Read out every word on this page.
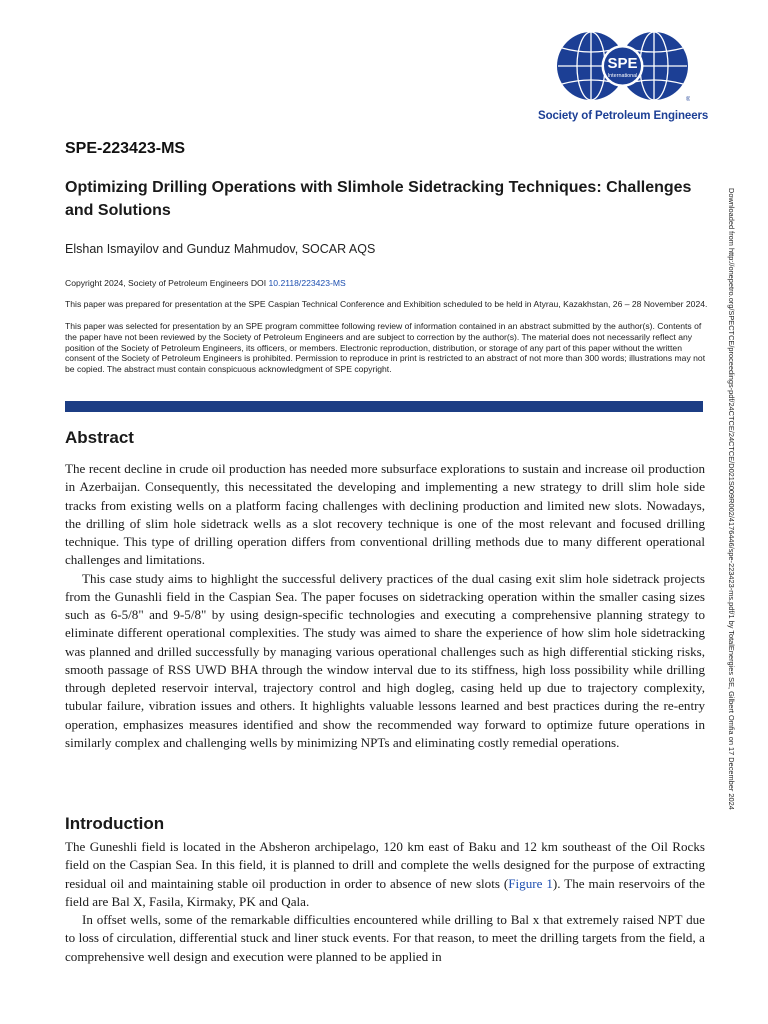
SPE
International
®
Society of Petroleum Engineers
SPE-223423-MS
Optimizing Drilling Operations with Slimhole Sidetracking Techniques: Challenges and Solutions
Elshan Ismayilov and Gunduz Mahmudov, SOCAR AQS
Copyright 2024, Society of Petroleum Engineers DOI 10.2118/223423-MS
This paper was prepared for presentation at the SPE Caspian Technical Conference and Exhibition scheduled to be held in Atyrau, Kazakhstan, 26 – 28 November 2024.
This paper was selected for presentation by an SPE program committee following review of information contained in an abstract submitted by the author(s). Contents of the paper have not been reviewed by the Society of Petroleum Engineers and are subject to correction by the author(s). The material does not necessarily reflect any position of the Society of Petroleum Engineers, its officers, or members. Electronic reproduction, distribution, or storage of any part of this paper without the written consent of the Society of Petroleum Engineers is prohibited. Permission to reproduce in print is restricted to an abstract of not more than 300 words; illustrations may not be copied. The abstract must contain conspicuous acknowledgment of SPE copyright.
Abstract

The recent decline in crude oil production has needed more subsurface explorations to sustain and increase oil production in Azerbaijan. Consequently, this necessitated the developing and implementing a new strategy to drill slim hole side tracks from existing wells on a platform facing challenges with declining production and limited new slots. Nowadays, the drilling of slim hole sidetrack wells as a slot recovery technique is one of the most relevant and focused drilling technique. This type of drilling operation differs from conventional drilling methods due to many different operational challenges and limitations.

This case study aims to highlight the successful delivery practices of the dual casing exit slim hole sidetrack projects from the Gunashli field in the Caspian Sea. The paper focuses on sidetracking operation within the smaller casing sizes such as 6-5/8" and 9-5/8" by using design-specific technologies and executing a comprehensive planning strategy to eliminate different operational complexities. The study was aimed to share the experience of how slim hole sidetracking was planned and drilled successfully by managing various operational challenges such as high differential sticking risks, smooth passage of RSS UWD BHA through the window interval due to its stiffness, high loss possibility while drilling through depleted reservoir interval, trajectory control and high dogleg, casing held up due to trajectory complexity, tubular failure, vibration issues and others. It highlights valuable lessons learned and best practices during the re-entry operation, emphasizes measures identified and show the recommended way forward to optimize future operations in similarly complex and challenging wells by minimizing NPTs and eliminating costly remedial operations.

Introduction

The Guneshli field is located in the Absheron archipelago, 120 km east of Baku and 12 km southeast of the Oil Rocks field on the Caspian Sea. In this field, it is planned to drill and complete the wells designed for the purpose of extracting residual oil and maintaining stable oil production in order to absence of new slots (Figure 1). The main reservoirs of the field are Bal X, Fasila, Kirmaky, PK and Qala.

In offset wells, some of the remarkable difficulties encountered while drilling to Bal x that extremely raised NPT due to loss of circulation, differential stuck and liner stuck events. For that reason, to meet the drilling targets from the field, a comprehensive well design and execution were planned to be applied in

Downloaded from http://onepetro.org/SPECTCE/proceedings-pdf/24CTCE/24CTCE/D021S009R002/4176446/spe-223423-ms.pdf/1 by TotalEnergies SE, Gilbert Omfia on 17 December 2024
